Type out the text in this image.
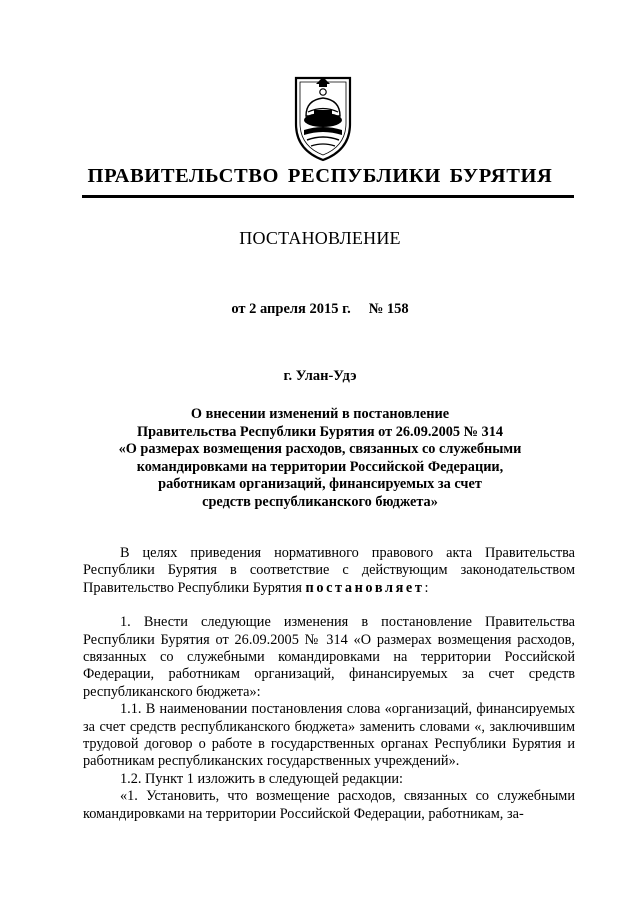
ПРАВИТЕЛЬСТВО РЕСПУБЛИКИ БУРЯТИЯ
ПОСТАНОВЛЕНИЕ
от 2 апреля 2015 г. № 158
г. Улан-Удэ
О внесении изменений в постановление
Правительства Республики Бурятия от 26.09.2005 № 314
«О размерах возмещения расходов, связанных со служебными
командировками на территории Российской Федерации,
работникам организаций, финансируемых за счет
средств республиканского бюджета»

В целях приведения нормативного правового акта Правительства Республики Бурятия в соответствие с действующим законодательством Правительство Республики Бурятия постановляет:

1. Внести следующие изменения в постановление Правительства Республики Бурятия от 26.09.2005 № 314 «О размерах возмещения расходов, связанных со служебными командировками на территории Российской Федерации, работникам организаций, финансируемых за счет средств республиканского бюджета»:

1.1. В наименовании постановления слова «организаций, финансируемых за счет средств республиканского бюджета» заменить словами «, заключившим трудовой договор о работе в государственных органах Республики Бурятия и работникам республиканских государственных учреждений».

1.2. Пункт 1 изложить в следующей редакции:

«1. Установить, что возмещение расходов, связанных со служебными командировками на территории Российской Федерации, работникам, за-
